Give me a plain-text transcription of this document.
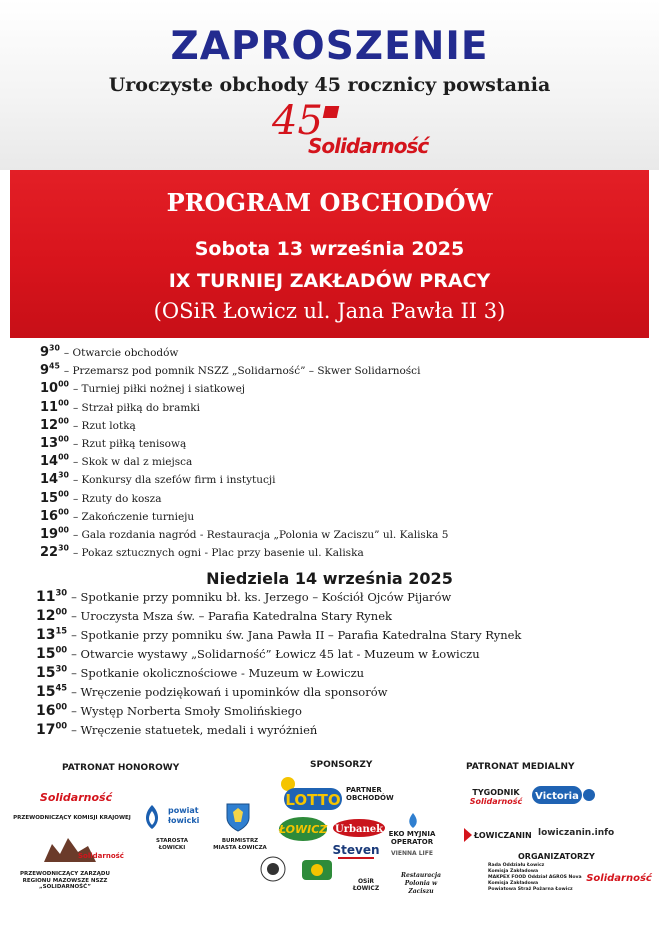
ZAPROSZENIE
Uroczyste obchody 45 rocznicy powstania
45
Solidarność
PROGRAM OBCHODÓW
Sobota 13 września 2025
IX TURNIEJ ZAKŁADÓW PRACY
(OSiR Łowicz ul. Jana Pawła II 3)
$9^{30}$ – Otwarcie obchodów
$9^{45}$ – Przemarsz pod pomnik NSZZ „Solidarność” – Skwer Solidarności
$10^{00}$ – Turniej piłki nożnej i siatkowej
$11^{00}$ – Strzał piłką do bramki
$12^{00}$ – Rzut lotką
$13^{00}$ – Rzut piłką tenisową
$14^{00}$ – Skok w dal z miejsca
$14^{30}$ – Konkursy dla szefów firm i instytucji
$15^{00}$ – Rzuty do kosza
$16^{00}$ – Zakończenie turnieju
$19^{00}$ – Gala rozdania nagród - Restauracja „Polonia w Zaciszu” ul. Kaliska 5
$22^{30}$ – Pokaz sztucznych ogni - Plac przy basenie ul. Kaliska
Niedziela 14 września 2025
$11^{30}$ – Spotkanie przy pomniku bł. ks. Jerzego – Kościół Ojców Pijarów
$12^{00}$ – Uroczysta Msza św. – Parafia Katedralna Stary Rynek
$13^{15}$ – Spotkanie przy pomniku św. Jana Pawła II – Parafia Katedralna Stary Rynek
$15^{00}$ – Otwarcie wystawy „Solidarność” Łowicz 45 lat - Muzeum w Łowiczu
$15^{30}$ – Spotkanie okolicznościowe - Muzeum w Łowiczu
$15^{45}$ – Wręczenie podziękowań i upominków dla sponsorów
$16^{00}$ – Występ Norberta Smoły Smolińskiego
$17^{00}$ – Wręczenie statuetek, medali i wyróżnień
PATRONAT HONOROWY
Solidarność
PRZEWODNICZĄCY KOMISJI KRAJOWEJ
Solidarność
PRZEWODNICZĄCY ZARZĄDU REGIONU MAZOWSZE NSZZ „SOLIDARNOŚĆ”
powiat łowicki
STAROSTA ŁOWICKI
BURMISTRZ MIASTA ŁOWICZA
SPONSORZY
LOTTO
PARTNER OBCHODÓW
ŁOWICZ Urbanek
Steven
EKO MYJNIA OPERATOR
VIENNA LIFE
OSiR ŁOWICZ
Restauracja Polonia w Zaciszu
PATRONAT MEDIALNY
TYGODNIK
Solidarność Victoria
ŁOWICZANIN lowiczanin.info
ORGANIZATORZY
Rada Oddziału Łowicz
Komisja Zakładowa
MAKPEX FOOD Oddział AGROS Nova
Komisja Zakładowa
Powiatowa Straż Pożarna Łowicz
Solidarność
